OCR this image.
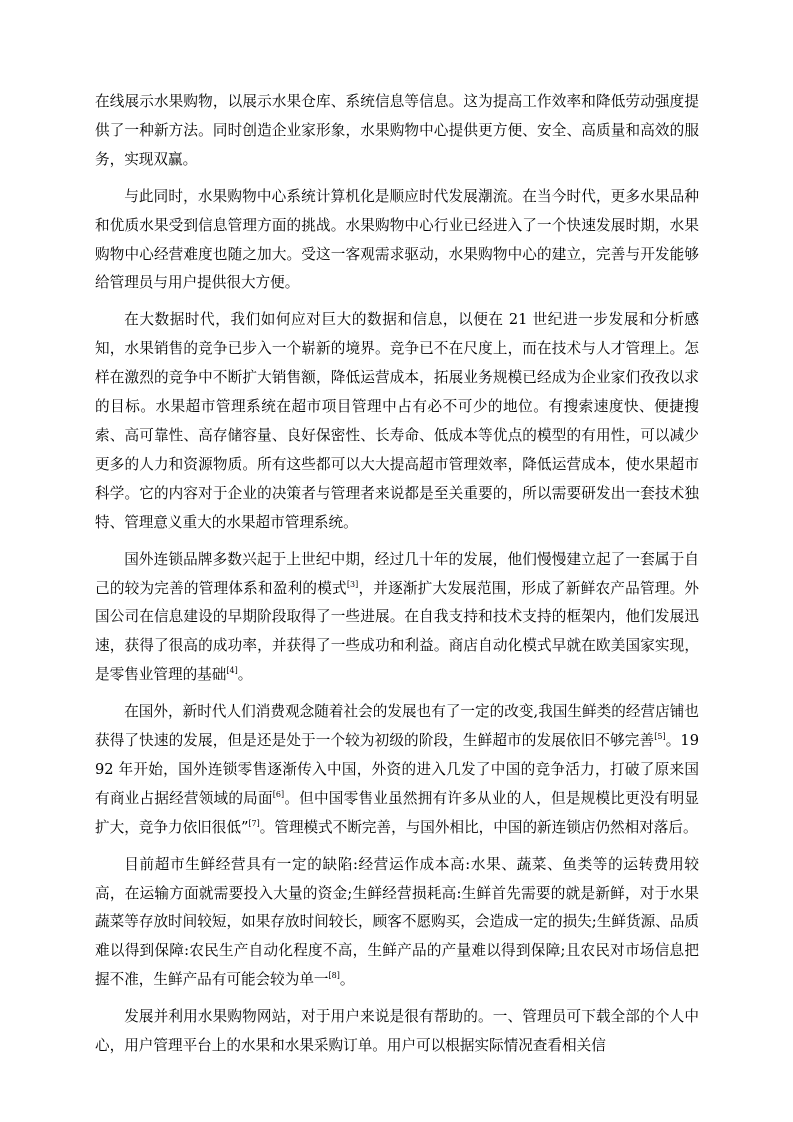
在线展示水果购物，以展示水果仓库、系统信息等信息。这为提高工作效率和降低劳动强度提供了一种新方法。同时创造企业家形象，水果购物中心提供更方便、安全、高质量和高效的服务，实现双赢。

与此同时，水果购物中心系统计算机化是顺应时代发展潮流。在当今时代，更多水果品种和优质水果受到信息管理方面的挑战。水果购物中心行业已经进入了一个快速发展时期，水果购物中心经营难度也随之加大。受这一客观需求驱动，水果购物中心的建立，完善与开发能够给管理员与用户提供很大方便。

在大数据时代，我们如何应对巨大的数据和信息，以便在 21 世纪进一步发展和分析感知，水果销售的竞争已步入一个崭新的境界。竞争已不在尺度上，而在技术与人才管理上。怎样在激烈的竞争中不断扩大销售额，降低运营成本，拓展业务规模已经成为企业家们孜孜以求的目标。水果超市管理系统在超市项目管理中占有必不可少的地位。有搜索速度快、便捷搜索、高可靠性、高存储容量、良好保密性、长寿命、低成本等优点的模型的有用性，可以减少更多的人力和资源物质。所有这些都可以大大提高超市管理效率，降低运营成本，使水果超市科学。它的内容对于企业的决策者与管理者来说都是至关重要的，所以需要研发出一套技术独特、管理意义重大的水果超市管理系统。

国外连锁品牌多数兴起于上世纪中期，经过几十年的发展，他们慢慢建立起了一套属于自己的较为完善的管理体系和盈利的模式[3]，并逐渐扩大发展范围，形成了新鲜农产品管理。外国公司在信息建设的早期阶段取得了一些进展。在自我支持和技术支持的框架内，他们发展迅速，获得了很高的成功率，并获得了一些成功和利益。商店自动化模式早就在欧美国家实现，是零售业管理的基础[4]。

在国外，新时代人们消费观念随着社会的发展也有了一定的改变,我国生鲜类的经营店铺也获得了快速的发展，但是还是处于一个较为初级的阶段，生鲜超市的发展依旧不够完善[5]。1992 年开始，国外连锁零售逐渐传入中国，外资的进入几发了中国的竞争活力，打破了原来国有商业占据经营领域的局面[6]。但中国零售业虽然拥有许多从业的人，但是规模比更没有明显扩大，竞争力依旧很低”[7]。管理模式不断完善，与国外相比，中国的新连锁店仍然相对落后。

目前超市生鲜经营具有一定的缺陷:经营运作成本高:水果、蔬菜、鱼类等的运转费用较高，在运输方面就需要投入大量的资金;生鲜经营损耗高:生鲜首先需要的就是新鲜，对于水果蔬菜等存放时间较短，如果存放时间较长，顾客不愿购买，会造成一定的损失;生鲜货源、品质难以得到保障:农民生产自动化程度不高，生鲜产品的产量难以得到保障;且农民对市场信息把握不准，生鲜产品有可能会较为单一[8]。

发展并利用水果购物网站，对于用户来说是很有帮助的。一、管理员可下载全部的个人中心，用户管理平台上的水果和水果采购订单。用户可以根据实际情况查看相关信
